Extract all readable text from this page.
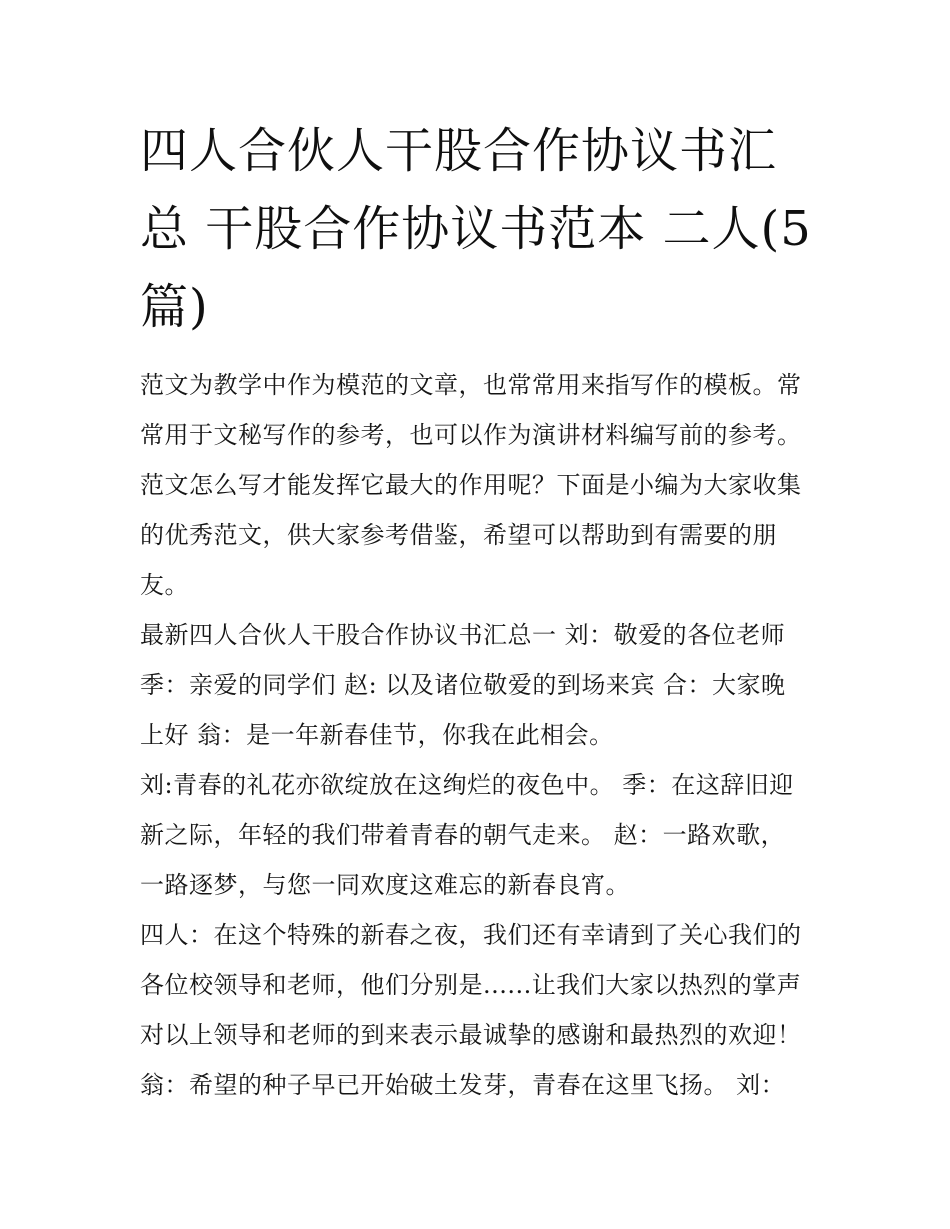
四人合伙人干股合作协议书汇
总 干股合作协议书范本 二人(5
篇)
范文为教学中作为模范的文章，也常常用来指写作的模板。常
常用于文秘写作的参考，也可以作为演讲材料编写前的参考。
范文怎么写才能发挥它最大的作用呢？下面是小编为大家收集
的优秀范文，供大家参考借鉴，希望可以帮助到有需要的朋
友。
最新四人合伙人干股合作协议书汇总一 刘：敬爱的各位老师
季：亲爱的同学们 赵: 以及诸位敬爱的到场来宾 合：大家晚
上好 翁：是一年新春佳节，你我在此相会。
刘:青春的礼花亦欲绽放在这绚烂的夜色中。 季：在这辞旧迎
新之际，年轻的我们带着青春的朝气走来。 赵：一路欢歌，
一路逐梦，与您一同欢度这难忘的新春良宵。
四人：在这个特殊的新春之夜，我们还有幸请到了关心我们的
各位校领导和老师，他们分别是......让我们大家以热烈的掌声
对以上领导和老师的到来表示最诚挚的感谢和最热烈的欢迎！
翁：希望的种子早已开始破土发芽，青春在这里飞扬。 刘：
